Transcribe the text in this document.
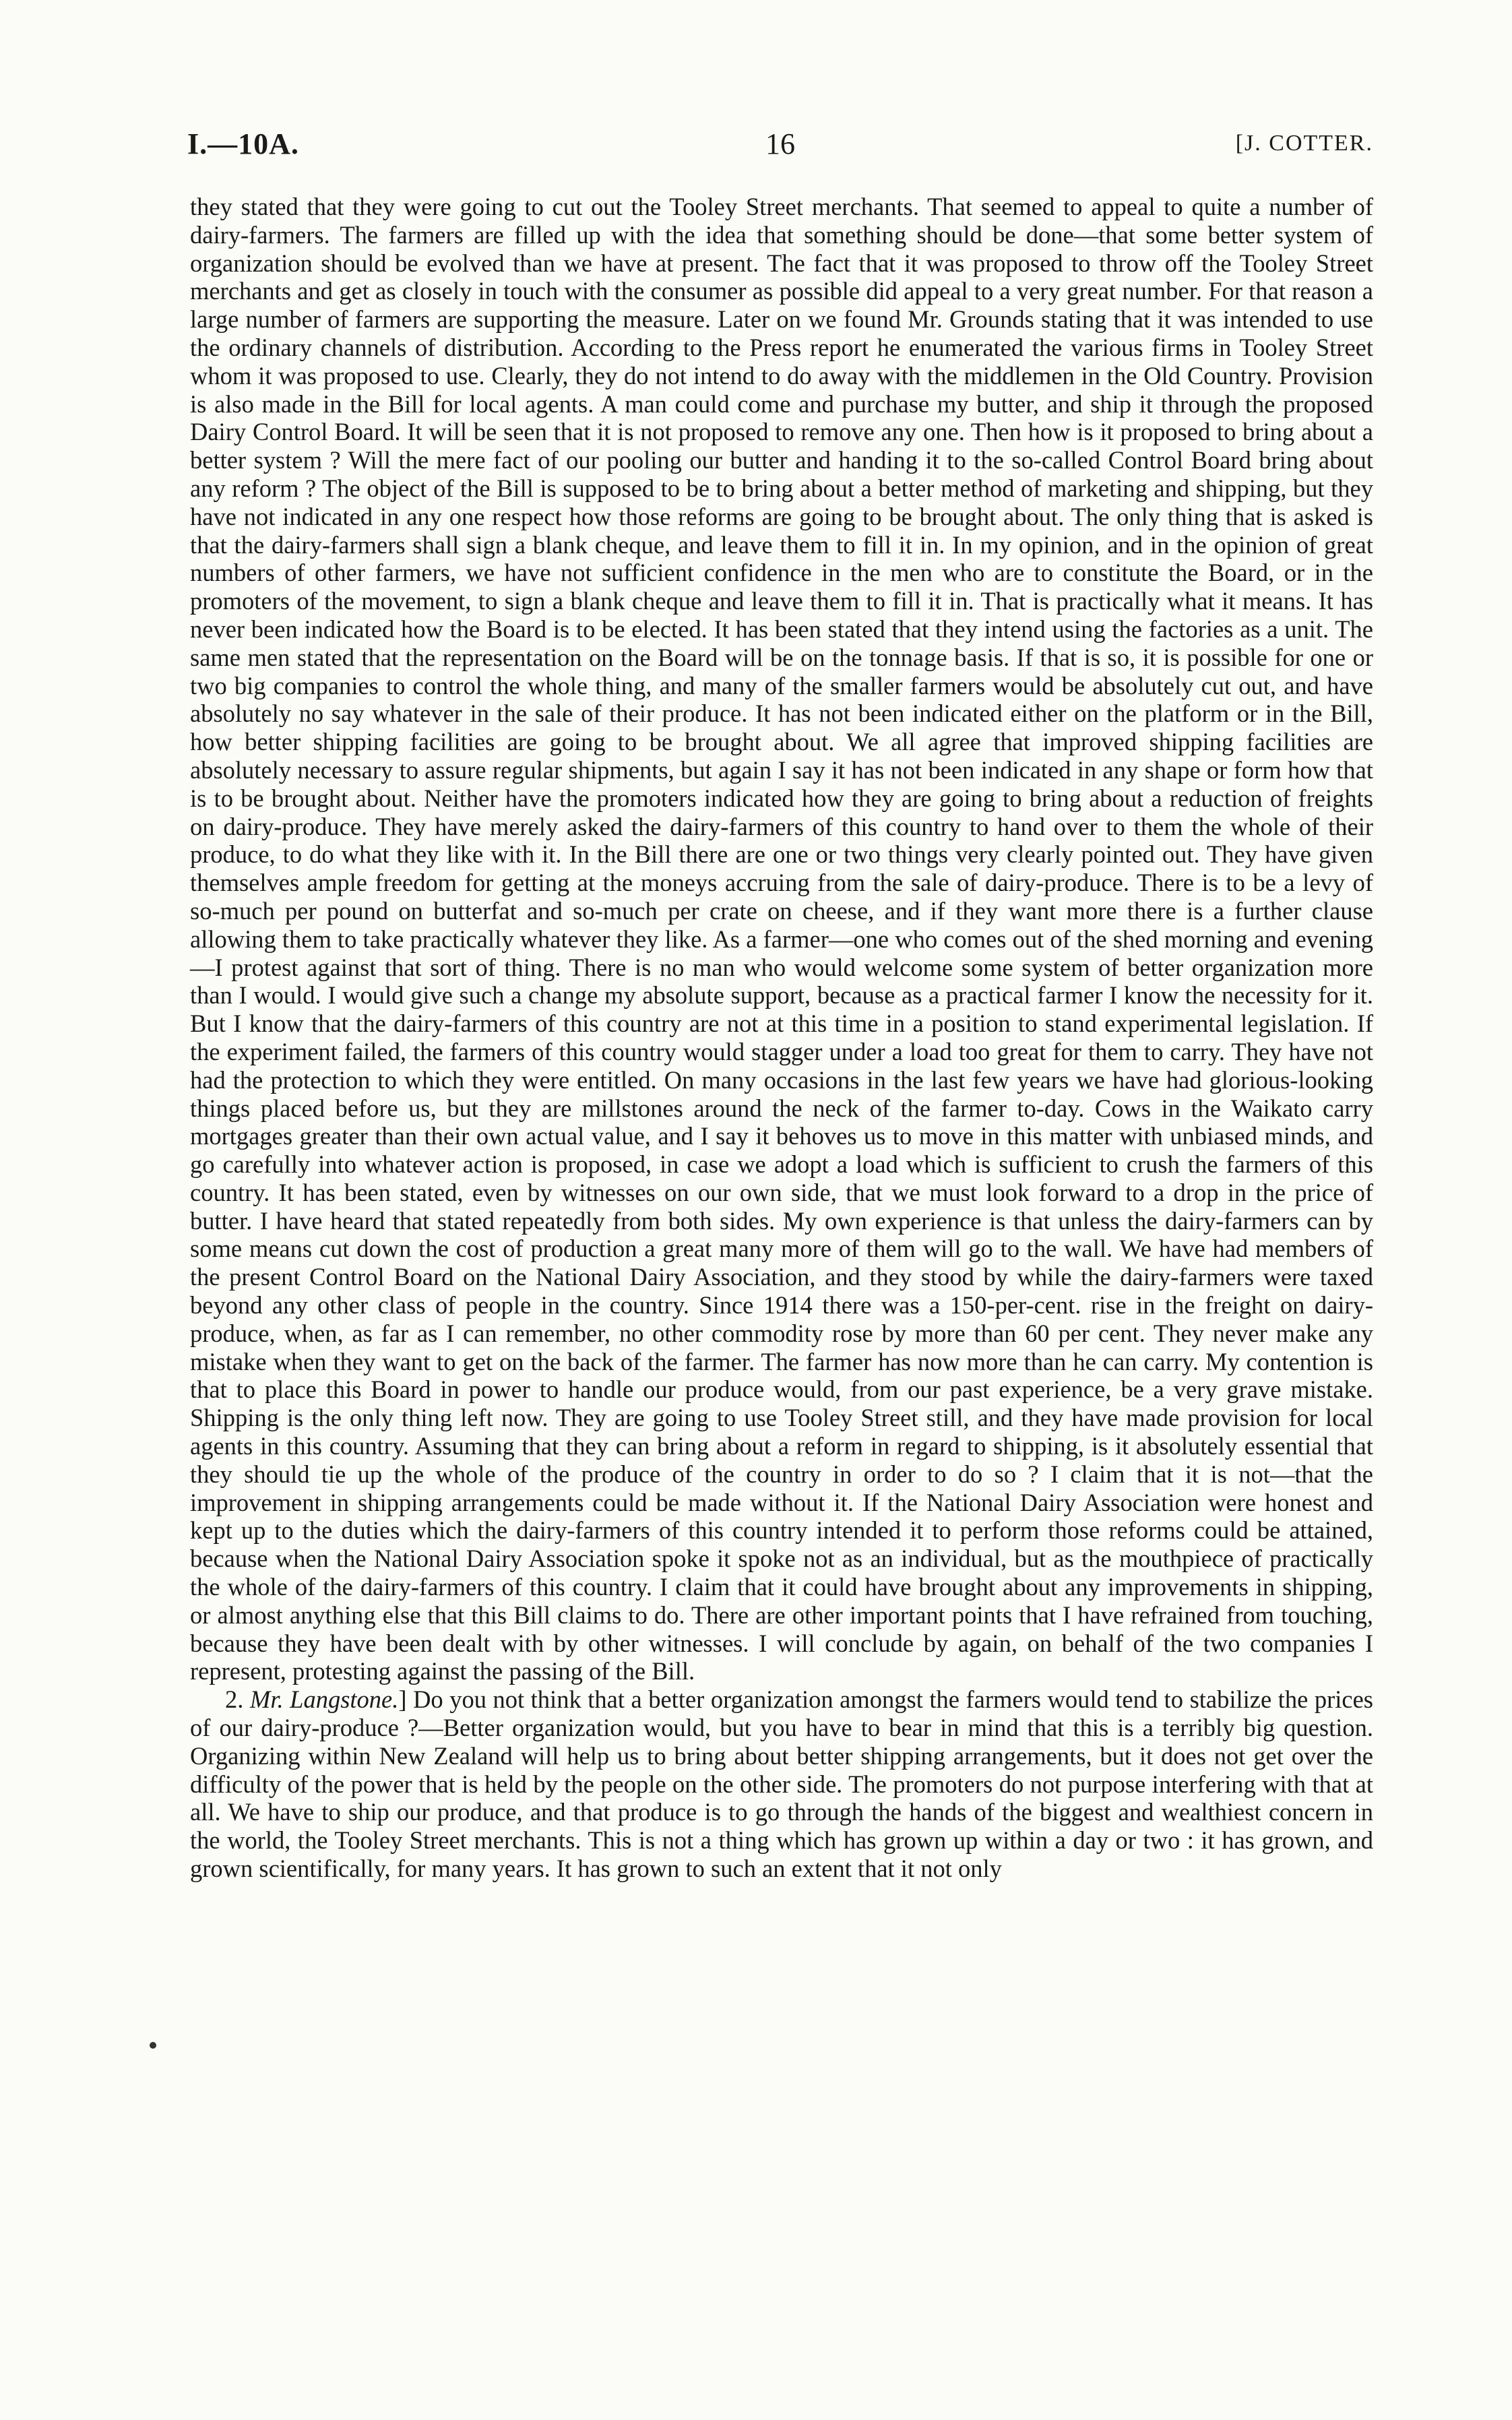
I.—10A.	16	[J. COTTER.

they stated that they were going to cut out the Tooley Street merchants. That seemed to appeal to quite a number of dairy-farmers. The farmers are filled up with the idea that something should be done—that some better system of organization should be evolved than we have at present. The fact that it was proposed to throw off the Tooley Street merchants and get as closely in touch with the consumer as possible did appeal to a very great number. For that reason a large number of farmers are supporting the measure. Later on we found Mr. Grounds stating that it was intended to use the ordinary channels of distribution. According to the Press report he enumerated the various firms in Tooley Street whom it was proposed to use. Clearly, they do not intend to do away with the middlemen in the Old Country. Provision is also made in the Bill for local agents. A man could come and purchase my butter, and ship it through the proposed Dairy Control Board. It will be seen that it is not proposed to remove any one. Then how is it proposed to bring about a better system ? Will the mere fact of our pooling our butter and handing it to the so-called Control Board bring about any reform ? The object of the Bill is supposed to be to bring about a better method of marketing and shipping, but they have not indicated in any one respect how those reforms are going to be brought about. The only thing that is asked is that the dairy-farmers shall sign a blank cheque, and leave them to fill it in. In my opinion, and in the opinion of great numbers of other farmers, we have not sufficient confidence in the men who are to constitute the Board, or in the promoters of the movement, to sign a blank cheque and leave them to fill it in. That is practically what it means. It has never been indicated how the Board is to be elected. It has been stated that they intend using the factories as a unit. The same men stated that the representation on the Board will be on the tonnage basis. If that is so, it is possible for one or two big companies to control the whole thing, and many of the smaller farmers would be absolutely cut out, and have absolutely no say whatever in the sale of their produce. It has not been indicated either on the platform or in the Bill, how better shipping facilities are going to be brought about. We all agree that improved shipping facilities are absolutely necessary to assure regular shipments, but again I say it has not been indicated in any shape or form how that is to be brought about. Neither have the promoters indicated how they are going to bring about a reduction of freights on dairy-produce. They have merely asked the dairy-farmers of this country to hand over to them the whole of their produce, to do what they like with it. In the Bill there are one or two things very clearly pointed out. They have given themselves ample freedom for getting at the moneys accruing from the sale of dairy-produce. There is to be a levy of so-much per pound on butterfat and so-much per crate on cheese, and if they want more there is a further clause allowing them to take practically whatever they like. As a farmer—one who comes out of the shed morning and evening—I protest against that sort of thing. There is no man who would welcome some system of better organization more than I would. I would give such a change my absolute support, because as a practical farmer I know the necessity for it. But I know that the dairy-farmers of this country are not at this time in a position to stand experimental legislation. If the experiment failed, the farmers of this country would stagger under a load too great for them to carry. They have not had the protection to which they were entitled. On many occasions in the last few years we have had glorious-looking things placed before us, but they are millstones around the neck of the farmer to-day. Cows in the Waikato carry mortgages greater than their own actual value, and I say it behoves us to move in this matter with unbiased minds, and go carefully into whatever action is proposed, in case we adopt a load which is sufficient to crush the farmers of this country. It has been stated, even by witnesses on our own side, that we must look forward to a drop in the price of butter. I have heard that stated repeatedly from both sides. My own experience is that unless the dairy-farmers can by some means cut down the cost of production a great many more of them will go to the wall. We have had members of the present Control Board on the National Dairy Association, and they stood by while the dairy-farmers were taxed beyond any other class of people in the country. Since 1914 there was a 150-per-cent. rise in the freight on dairy-produce, when, as far as I can remember, no other commodity rose by more than 60 per cent. They never make any mistake when they want to get on the back of the farmer. The farmer has now more than he can carry. My contention is that to place this Board in power to handle our produce would, from our past experience, be a very grave mistake. Shipping is the only thing left now. They are going to use Tooley Street still, and they have made provision for local agents in this country. Assuming that they can bring about a reform in regard to shipping, is it absolutely essential that they should tie up the whole of the produce of the country in order to do so ? I claim that it is not—that the improvement in shipping arrangements could be made without it. If the National Dairy Association were honest and kept up to the duties which the dairy-farmers of this country intended it to perform those reforms could be attained, because when the National Dairy Association spoke it spoke not as an individual, but as the mouthpiece of practically the whole of the dairy-farmers of this country. I claim that it could have brought about any improvements in shipping, or almost anything else that this Bill claims to do. There are other important points that I have refrained from touching, because they have been dealt with by other witnesses. I will conclude by again, on behalf of the two companies I represent, protesting against the passing of the Bill.

2. Mr. Langstone.] Do you not think that a better organization amongst the farmers would tend to stabilize the prices of our dairy-produce ?—Better organization would, but you have to bear in mind that this is a terribly big question. Organizing within New Zealand will help us to bring about better shipping arrangements, but it does not get over the difficulty of the power that is held by the people on the other side. The promoters do not purpose interfering with that at all. We have to ship our produce, and that produce is to go through the hands of the biggest and wealthiest concern in the world, the Tooley Street merchants. This is not a thing which has grown up within a day or two : it has grown, and grown scientifically, for many years. It has grown to such an extent that it not only
